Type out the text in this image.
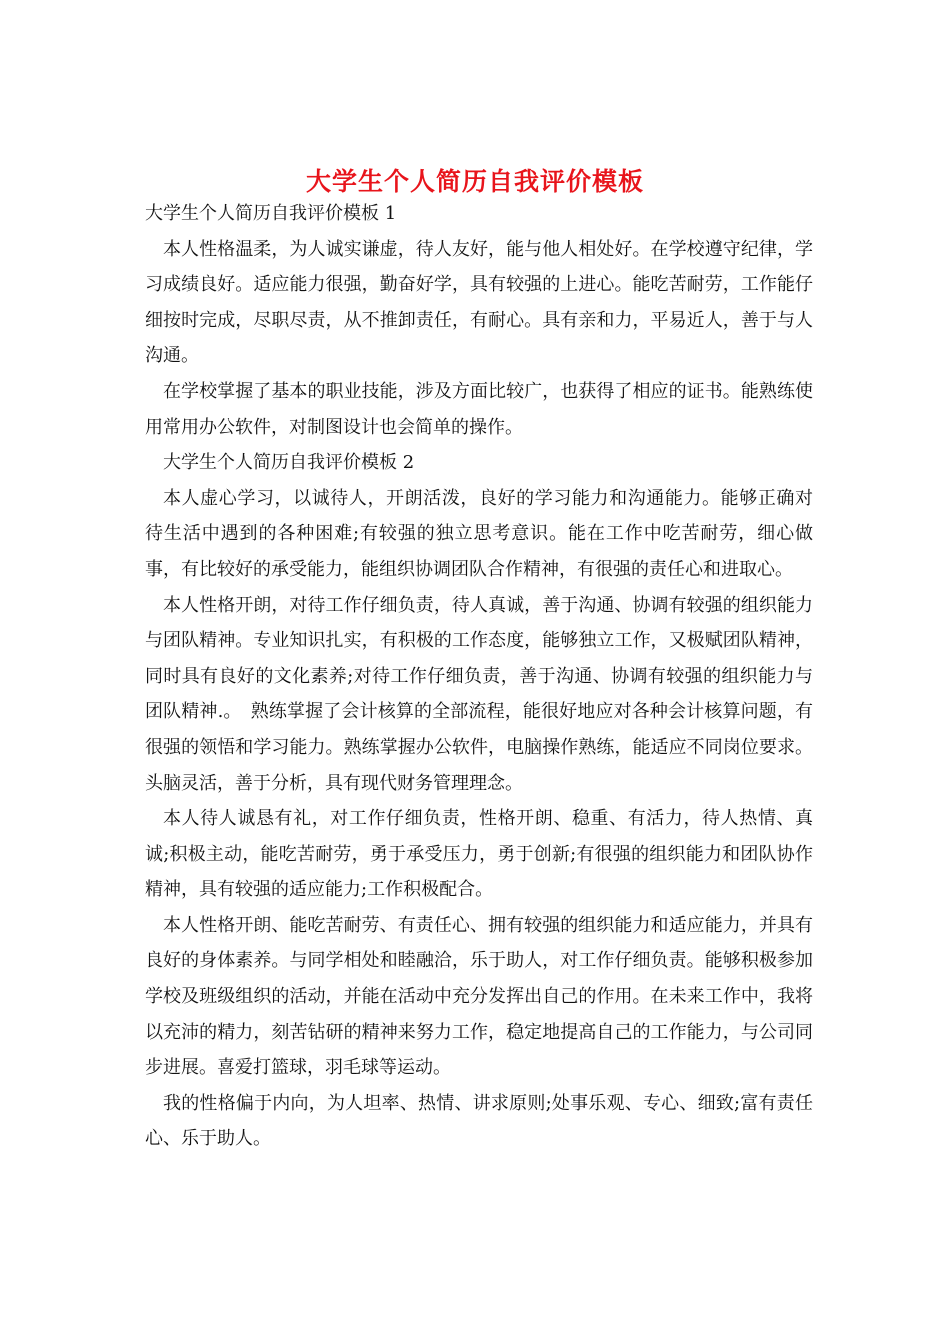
大学生个人简历自我评价模板

大学生个人简历自我评价模板 1

本人性格温柔，为人诚实谦虚，待人友好，能与他人相处好。在学校遵守纪律，学习成绩良好。适应能力很强，勤奋好学，具有较强的上进心。能吃苦耐劳，工作能仔细按时完成，尽职尽责，从不推卸责任，有耐心。具有亲和力，平易近人，善于与人沟通。

在学校掌握了基本的职业技能，涉及方面比较广，也获得了相应的证书。能熟练使用常用办公软件，对制图设计也会简单的操作。

大学生个人简历自我评价模板 2

本人虚心学习，以诚待人，开朗活泼，良好的学习能力和沟通能力。能够正确对　待生活中遇到的各种困难;有较强的独立思考意识。能在工作中吃苦耐劳，细心做事，有比较好的承受能力，能组织协调团队合作精神，有很强的责任心和进取心。

本人性格开朗，对待工作仔细负责，待人真诚，善于沟通、协调有较强的组织能力与团队精神。专业知识扎实，有积极的工作态度，能够独立工作，又极赋团队精神，同时具有良好的文化素养;对待工作仔细负责，善于沟通、协调有较强的组织能力与团队精神.。　熟练掌握了会计核算的全部流程，能很好地应对各种会计核算问题，有很强的领悟和学习能力。熟练掌握办公软件，电脑操作熟练，能适应不同岗位要求。头脑灵活，善于分析，具有现代财务管理理念。

本人待人诚恳有礼，对工作仔细负责，性格开朗、稳重、有活力，待人热情、真诚;积极主动，能吃苦耐劳，勇于承受压力，勇于创新;有很强的组织能力和团队协作精神，具有较强的适应能力;工作积极配合。

本人性格开朗、能吃苦耐劳、有责任心、拥有较强的组织能力和适应能力，并具有良好的身体素养。与同学相处和睦融洽，乐于助人，对工作仔细负责。能够积极参加学校及班级组织的活动，并能在活动中充分发挥出自己的作用。在未来工作中，我将以充沛的精力，刻苦钻研的精神来努力工作，稳定地提高自己的工作能力，与公司同步进展。喜爱打篮球，羽毛球等运动。

我的性格偏于内向，为人坦率、热情、讲求原则;处事乐观、专心、细致;富有责任心、乐于助人。
